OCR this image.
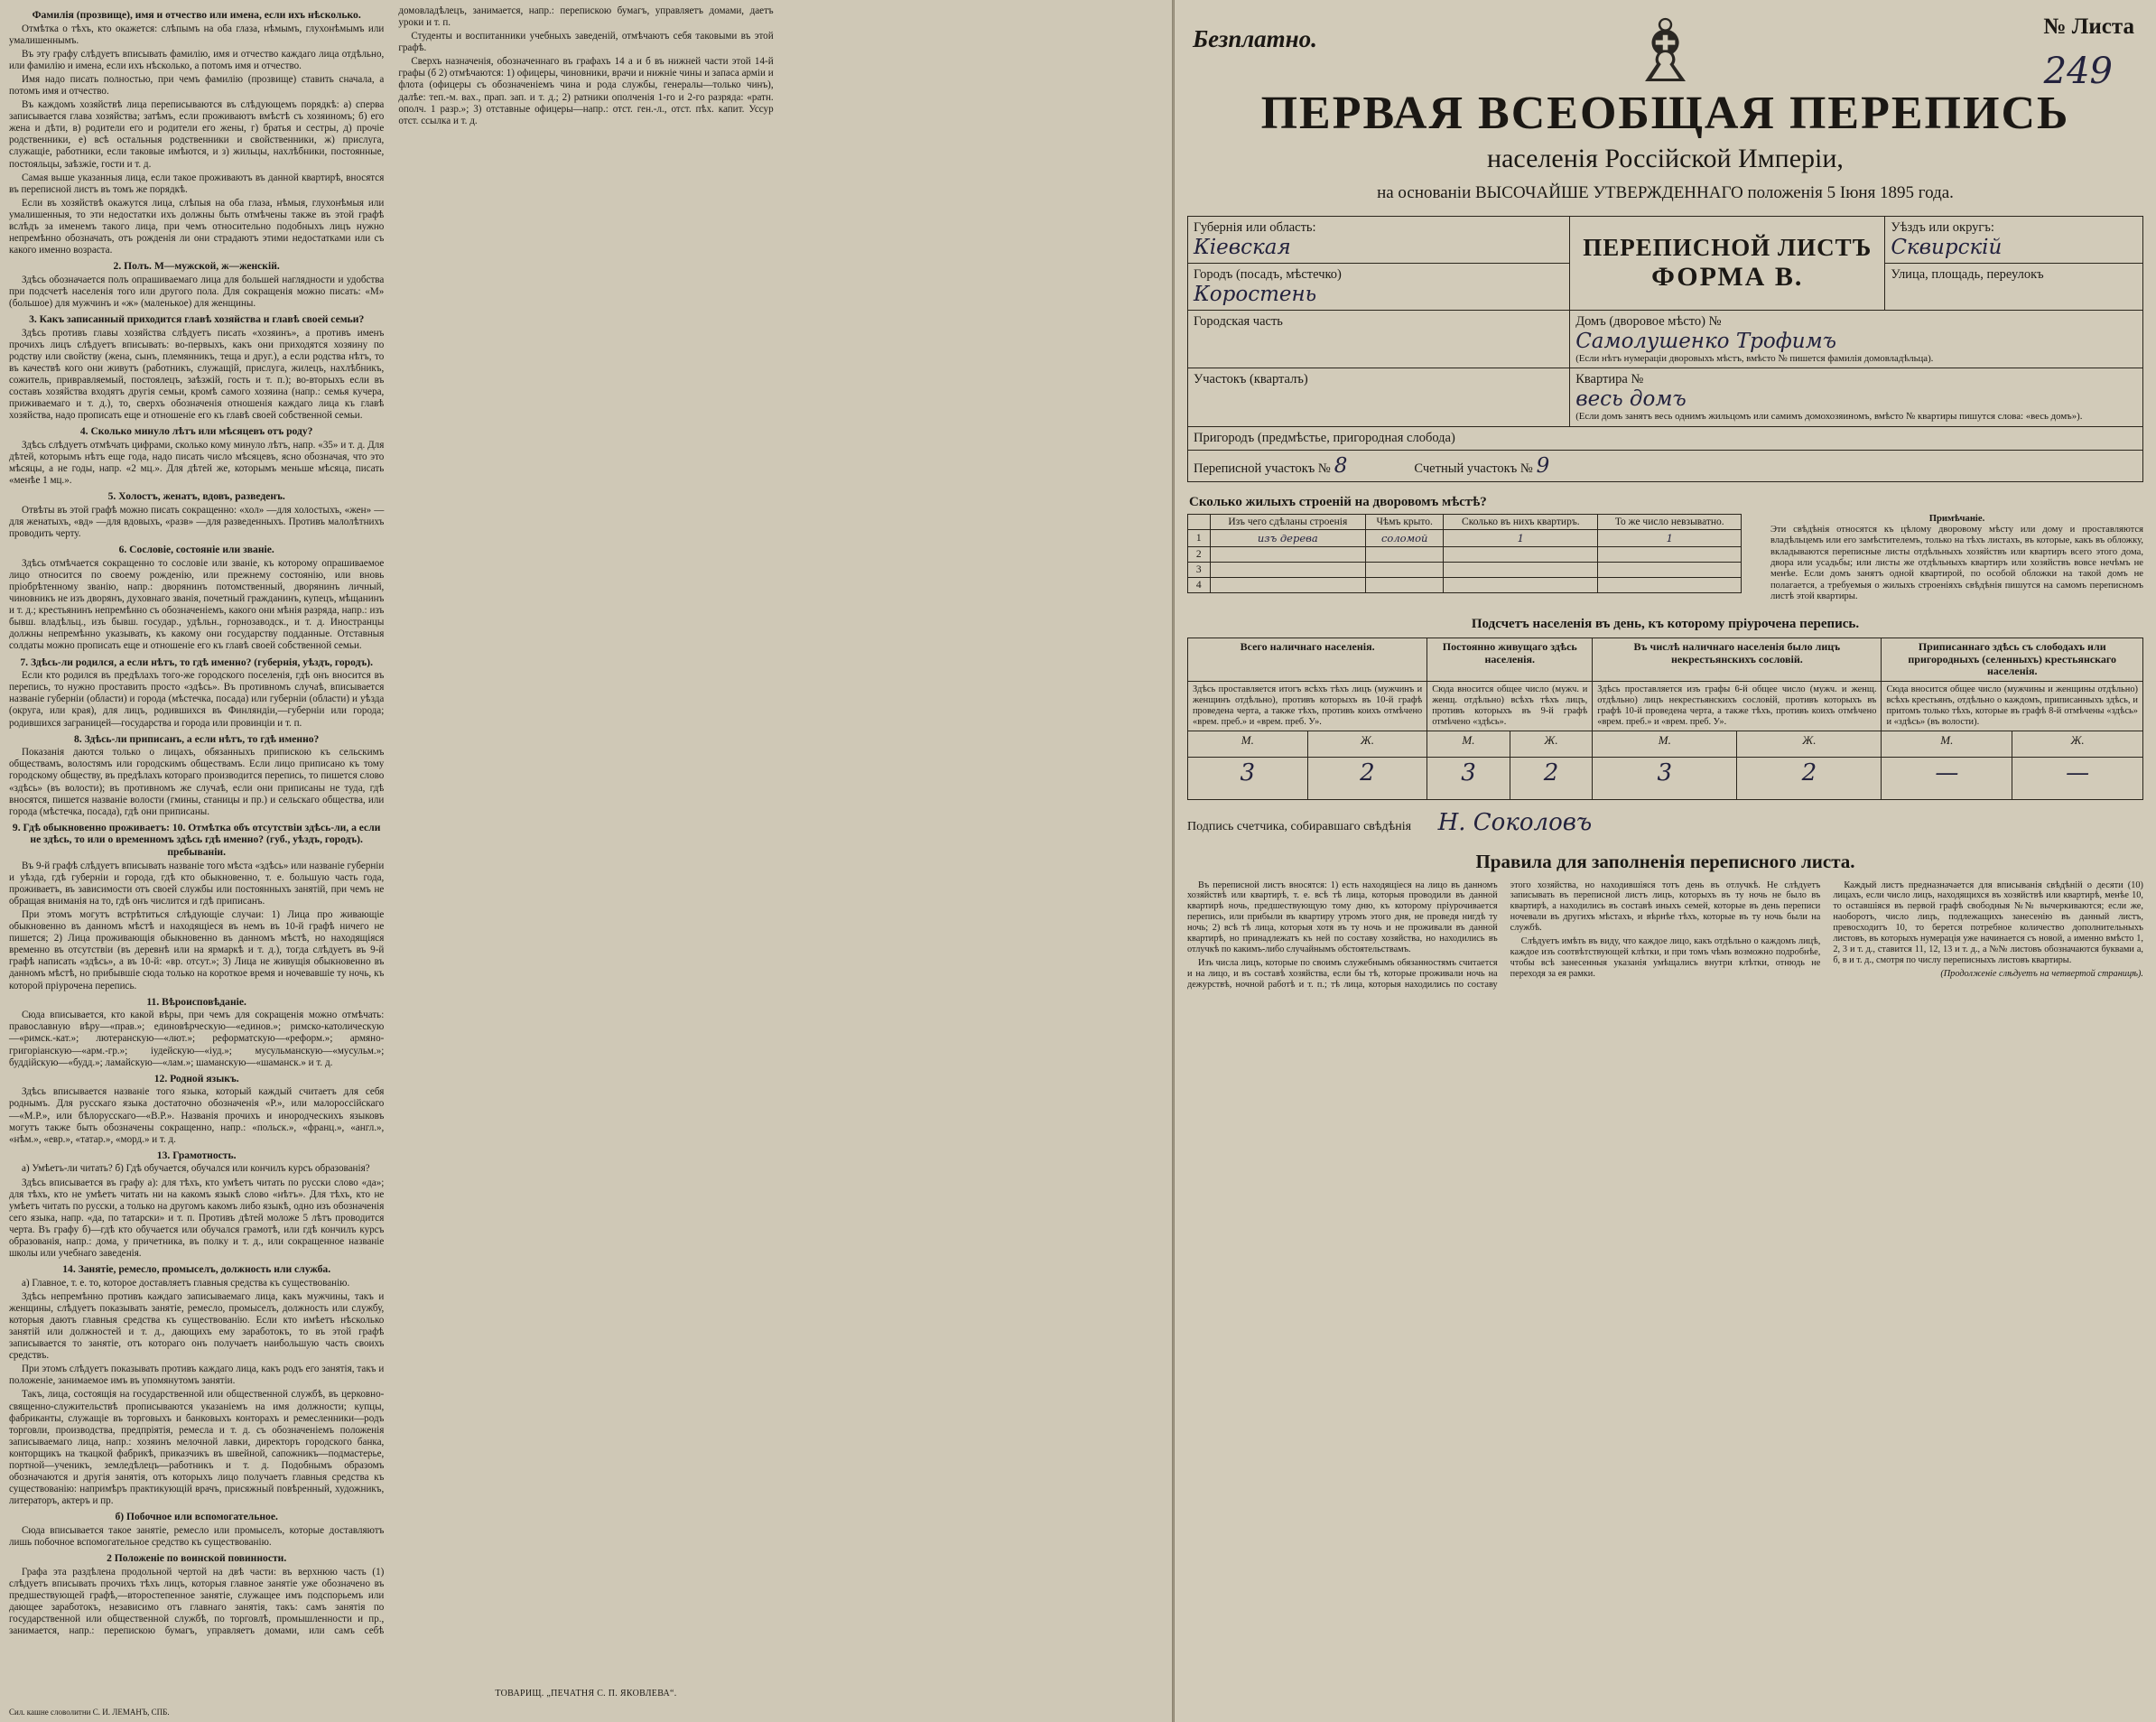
Фамилія (прозвище), имя и отчество или имена, если ихъ нѣсколько.

Отмѣтка о тѣхъ, кто окажется: слѣпымъ на оба глаза, нѣмымъ, глухонѣмымъ или умалишеннымъ.

Въ эту графу слѣдуетъ вписывать фамилію, имя и отчество каждаго лица отдѣльно, или фамилію и имена, если ихъ нѣсколько, а потомъ имя и отчество.

Имя надо писать полностью, при чемъ фамилію (прозвище) ставить сначала, а потомъ имя и отчество.

Въ каждомъ хозяйствѣ лица переписываются въ слѣдующемъ порядкѣ: а) сперва записывается глава хозяйства; затѣмъ, если проживаютъ вмѣстѣ съ хозяиномъ; б) его жена и дѣти, в) родители его и родители его жены, г) братья и сестры, д) прочіе родственники, е) всѣ остальныя родственники и свойственники, ж) прислуга, служащіе, работники, если таковые имѣются, и з) жильцы, нахлѣбники, постоянные, постояльцы, заѣзжіе, гости и т. д.

Самая выше указанныя лица, если такое проживаютъ въ данной квартирѣ, вносятся въ переписной листъ въ томъ же порядкѣ.

Если въ хозяйствѣ окажутся лица, слѣпыя на оба глаза, нѣмыя, глухонѣмыя или умалишенныя, то эти недостатки ихъ должны быть отмѣчены также въ этой графѣ вслѣдъ за именемъ такого лица, при чемъ относительно подобныхъ лицъ нужно непремѣнно обозначать, отъ рожденія ли они страдаютъ этими недостатками или съ какого именно возраста.

2. Полъ. М—мужской, ж—женскій.

Здѣсь обозначается полъ опрашиваемаго лица для большей наглядности и удобства при подсчетѣ населенія того или другого пола. Для сокращенія можно писать: «М» (большое) для мужчинъ и «ж» (маленькое) для женщины.

3. Какъ записанный приходится главѣ хозяйства и главѣ своей семьи?

Здѣсь противъ главы хозяйства слѣдуетъ писать «хозяинъ», а противъ именъ прочихъ лицъ слѣдуетъ вписывать: во-первыхъ, какъ они приходятся хозяину по родству или свойству (жена, сынъ, племянникъ, теща и друг.), а если родства нѣтъ, то въ качествѣ кого они живутъ (работникъ, служащій, прислуга, жилецъ, нахлѣбникъ, сожитель, привравляемый, постоялецъ, заѣзжій, гость и т. п.); во-вторыхъ если въ составъ хозяйства входятъ другія семьи, кромѣ самого хозяина (напр.: семья кучера, приживаемаго и т. д.), то, сверхъ обозначенія отношенія каждаго лица къ главѣ хозяйства, надо прописать еще и отношеніе его къ главѣ своей собственной семьи.

4. Сколько минуло лѣтъ или мѣсяцевъ отъ роду?

Здѣсь слѣдуетъ отмѣчать цифрами, сколько кому минуло лѣтъ, напр. «35» и т. д. Для дѣтей, которымъ нѣтъ еще года, надо писать число мѣсяцевъ, ясно обозначая, что это мѣсяцы, а не годы, напр. «2 мц.». Для дѣтей же, которымъ меньше мѣсяца, писать «менѣе 1 мц.».

5. Холостъ, женатъ, вдовъ, разведенъ.

Отвѣты въ этой графѣ можно писать сокращенно: «хол» —для холостыхъ, «жен» —для женатыхъ, «вд» —для вдовыхъ, «разв» —для разведенныхъ. Противъ малолѣтнихъ проводить черту.

6. Сословіе, состояніе или званіе.

Здѣсь отмѣчается сокращенно то сословіе или званіе, къ которому опрашиваемое лицо относится по своему рожденію, или прежнему состоянію, или вновь пріобрѣтенному званію, напр.: дворянинъ потомственный, дворянинъ личный, чиновникъ не изъ дворянъ, духовнаго званія, почетный гражданинъ, купецъ, мѣщанинъ и т. д.; крестьянинъ непремѣнно съ обозначеніемъ, какого они мѣнія разряда, напр.: изъ бывш. владѣльц., изъ бывш. государ., удѣльн., горнозаводск., и т. д. Иностранцы должны непремѣнно указывать, къ какому они государству подданные. Отставныя солдаты можно прописать еще и отношеніе его къ главѣ своей собственной семьи.

7. Здѣсь-ли родился, а если нѣтъ, то гдѣ именно? (губернія, уѣздъ, городъ).

Если кто родился въ предѣлахъ того-же городского поселенія, гдѣ онъ вносится въ перепись, то нужно проставить просто «здѣсь». Въ противномъ случаѣ, вписывается названіе губерніи (области) и города (мѣстечка, посада) или губерніи (области) и уѣзда (округа, или края), для лицъ, родившихся въ Финляндіи,—губерніи или города; родившихся заграницей—государства и города или провинціи и т. п.

8. Здѣсь-ли приписанъ, а если нѣтъ, то гдѣ именно?

Показанія даются только о лицахъ, обязанныхъ припискою къ сельскимъ обществамъ, волостямъ или городскимъ обществамъ. Если лицо приписано къ тому городскому обществу, въ предѣлахъ котораго производится перепись, то пишется слово «здѣсь» (въ волости); въ противномъ же случаѣ, если они приписаны не туда, гдѣ вносятся, пишется названіе волости (гмины, станицы и пр.) и сельскаго общества, или города (мѣстечка, посада), гдѣ они приписаны.

9. Гдѣ обыкновенно проживаетъ: 10. Отмѣтка объ отсутствіи здѣсь-ли, а если не здѣсь, то или о временномъ здѣсь гдѣ именно? (губ., уѣздъ, городъ). пребываніи.

Въ 9-й графѣ слѣдуетъ вписывать названіе того мѣста «здѣсь» или названіе губерніи и уѣзда, гдѣ губерніи и города, гдѣ кто обыкновенно, т. е. большую часть года, проживаетъ, въ зависимости отъ своей службы или постоянныхъ занятій, при чемъ не обращая вниманія на то, гдѣ онъ числится и гдѣ приписанъ.

При этомъ могутъ встрѣтиться слѣдующіе случаи: 1) Лица про живающіе обыкновенно въ данномъ мѣстѣ и находящіеся въ немъ въ 10-й графѣ ничего не пишется; 2) Лица проживающія обыкновенно въ данномъ мѣстѣ, но находящіяся временно въ отсутствіи (въ деревнѣ или на ярмаркѣ и т. д.), тогда слѣдуетъ въ 9-й графѣ написать «здѣсь», а въ 10-й: «вр. отсут.»; 3) Лица не живущія обыкновенно въ данномъ мѣстѣ, но прибывшіе сюда только на короткое время и ночевавшіе ту ночь, къ которой пріурочена перепись.

11. Вѣроисповѣданіе.

Сюда вписывается, кто какой вѣры, при чемъ для сокращенія можно отмѣчать: православную вѣру—«прав.»; единовѣрческую—«единов.»; римско-католическую—«римск.-кат.»; лютеранскую—«лют.»; реформатскую—«реформ.»; армяно-григоріанскую—«арм.-гр.»; іудейскую—«іуд.»; мусульманскую—«мусульм.»; буддійскую—«будд.»; ламайскую—«лам.»; шаманскую—«шаманск.» и т. д.

12. Родной языкъ.

Здѣсь вписывается названіе того языка, который каждый считаетъ для себя роднымъ. Для русскаго языка достаточно обозначенія «Р.», или малороссійскаго—«М.Р.», или бѣлорусскаго—«В.Р.». Названія прочихъ и инородческихъ языковъ могутъ также быть обозначены сокращенно, напр.: «польск.», «франц.», «англ.», «нѣм.», «евр.», «татар.», «морд.» и т. д.

13. Грамотность.

а) Умѣетъ-ли читать? б) Гдѣ обучается, обучался или кончилъ курсъ образованія?

Здѣсь вписывается въ графу а): для тѣхъ, кто умѣетъ читать по русски слово «да»; для тѣхъ, кто не умѣетъ читать ни на какомъ языкѣ слово «нѣтъ». Для тѣхъ, кто не умѣетъ читать по русски, а только на другомъ какомъ либо языкѣ, одно изъ обозначенія сего языка, напр. «да, по татарски» и т. п. Противъ дѣтей моложе 5 лѣтъ проводится черта. Въ графу б)—гдѣ кто обучается или обучался грамотѣ, или гдѣ кончилъ курсъ образованія, напр.: дома, у причетника, въ полку и т. д., или сокращенное названіе школы или учебнаго заведенія.

14. Занятіе, ремесло, промыселъ, должность или служба.

а) Главное, т. е. то, которое доставляетъ главныя средства къ существованію.

Здѣсь непремѣнно противъ каждаго записываемаго лица, какъ мужчины, такъ и женщины, слѣдуетъ показывать занятіе, ремесло, промыселъ, должность или службу, которыя даютъ главныя средства къ существованію. Если кто имѣетъ нѣсколько занятій или должностей и т. д., дающихъ ему заработокъ, то въ этой графѣ записывается то занятіе, отъ котораго онъ получаетъ наибольшую часть своихъ средствъ.

При этомъ слѣдуетъ показывать противъ каждаго лица, какъ родъ его занятія, такъ и положеніе, занимаемое имъ въ упомянутомъ занятіи.

Такъ, лица, состоящія на государственной или общественной службѣ, въ церковно-священно-служительствѣ прописываются указаніемъ на имя должности; купцы, фабриканты, служащіе въ торговыхъ и банковыхъ конторахъ и ремесленники—родъ торговли, производства, предпріятія, ремесла и т. д. съ обозначеніемъ положенія записываемаго лица, напр.: хозяинъ мелочной лавки, директоръ городского банка, конторщикъ на ткацкой фабрикѣ, приказчикъ въ швейной, сапожникъ—подмастерье, портной—ученикъ, земледѣлецъ—работникъ и т. д. Подобнымъ образомъ обозначаются и другія занятія, отъ которыхъ лицо получаетъ главныя средства къ существованію: напримѣръ практикующій врачъ, присяжный повѣренный, художникъ, литераторъ, актеръ и пр.

б) Побочное или вспомогательное.

Сюда вписывается такое занятіе, ремесло или промыселъ, которые доставляютъ лишь побочное вспомогательное средство къ существованію.

2 Положеніе по воинской повинности.

Графа эта раздѣлена продольной чертой на двѣ части: въ верхнюю часть (1) слѣдуетъ вписывать прочихъ тѣхъ лицъ, которыя главное занятіе уже обозначено въ предшествующей графѣ,—второстепенное занятіе, служащее имъ подспорьемъ или дающее заработокъ, независимо отъ главнаго занятія, такъ: самъ занятія по государственной или общественной службѣ, по торговлѣ, промышленности и пр., занимается, напр.: перепискою бумагъ, управляетъ домами, или самъ себѣ домовладѣлецъ, занимается, напр.: перепискою бумагъ, управляетъ домами, даетъ уроки и т. п.

Студенты и воспитанники учебныхъ заведеній, отмѣчаютъ себя таковыми въ этой графѣ.

Сверхъ назначенія, обозначеннаго въ графахъ 14 а и б въ нижней части этой 14-й графы (б 2) отмѣчаются: 1) офицеры, чиновники, врачи и нижніе чины и запаса арміи и флота (офицеры съ обозначеніемъ чина и рода службы, генералы—только чинъ), далѣе: теп.-м. вах., прап. зап. и т. д.; 2) ратники ополченія 1-го и 2-го разряда: «ратн. ополч. 1 разр.»; 3) отставные офицеры—напр.: отст. ген.-л., отст. пѣх. капит. Уссур отст. ссылка и т. д.

ТОВАРИЩ. „ПЕЧАТНЯ С. П. ЯКОВЛЕВА“.
Сил. кашне словолитни С. И. ЛЕМАНЪ, СПБ.
Безплатно.	♗	№ Листа
249
ПЕРВАЯ ВСЕОБЩАЯ ПЕРЕПИСЬ
населенія Россійской Имперіи,
на основаніи ВЫСОЧАЙШЕ УТВЕРЖДЕННАГО положенія 5 Іюня 1895 года.
Губернія или область:
Кіевская	ПЕРЕПИСНОЙ ЛИСТЪ
ФОРМА В.

Уѣздъ или округъ:
Сквирскій

Городъ (посадъ, мѣстечко)
Коростень		Улица, площадь, переулокъ

Городская часть	Домъ (дворовое мѣсто) №
Самолушенко Трофимъ
(Если нѣтъ нумераціи дворовыхъ мѣстъ, вмѣсто № пишется фамилія домовладѣльца).	

Участокъ (кварталъ)	Квартира №
весь домъ
(Если домъ занятъ весь однимъ жильцомъ или самимъ домохозяиномъ, вмѣсто № квартиры пишутся слова: «весь домъ»).	

Пригородъ (предмѣстье, пригородная слобода)		

Переписной участокъ № 8 Счетный участокъ № 9		
Сколько жилыхъ строеній на дворовомъ мѣстѣ?
	Изъ чего сдѣланы строенія	Чѣмъ крыто.	Сколько въ нихъ квартиръ.	То же число невзыватно.
1	изъ дерева	соломой	1	1
2				
3				
4				
Примѣчаніе.
Эти свѣдѣнія относятся къ цѣлому дворовому мѣсту или дому и проставляются владѣльцемъ или его замѣстителемъ, только на тѣхъ листахъ, въ которые, какъ въ обложку, вкладываются переписные листы отдѣльныхъ хозяйствъ или квартиръ всего этого дома, двора или усадьбы; или листы же отдѣльныхъ квартиръ или хозяйствъ вовсе нечѣмъ не менѣе. Если домъ занятъ одной квартирой, по особой обложки на такой домъ не полагается, а требуемыя о жилыхъ строеніяхъ свѣдѣнія пишутся на самомъ переписномъ листѣ этой квартиры.
Подсчетъ населенія въ день, къ которому пріурочена перепись.
Всего наличнаго населенія.		Постоянно живущаго здѣсь населенія.		Въ числѣ наличнаго населенія было лицъ некрестьянскихъ сословій.		Приписаннаго здѣсь съ слободахъ или пригородныхъ (селенныхъ) крестьянскаго населенія.	
Здѣсь проставляется итогъ всѣхъ тѣхъ лицъ (мужчинъ и женщинъ отдѣльно), противъ которыхъ въ 10-й графѣ проведена черта, а также тѣхъ, противъ коихъ отмѣчено «врем. преб.» и «врем. преб. У».		Сюда вносится общее число (мужч. и женщ. отдѣльно) всѣхъ тѣхъ лицъ, противъ которыхъ въ 9-й графѣ отмѣчено «здѣсь».		Здѣсь проставляется изъ графы 6-й общее число (мужч. и женщ. отдѣльно) лицъ некрестьянскихъ сословій, противъ которыхъ въ графѣ 10-й проведена черта, а также тѣхъ, противъ коихъ отмѣчено «врем. преб.» и «врем. преб. У».		Сюда вносится общее число (мужчины и женщины отдѣльно) всѣхъ крестьянъ, отдѣльно о каждомъ, приписанныхъ здѣсь, и притомъ только тѣхъ, которые въ графѣ 8-й отмѣчены «здѣсь» и «здѣсь» (въ волости).	
М.	Ж.	М.	Ж.	М.	Ж.	М.	Ж.
3	2	3	2	3	2	—	—
Подпись счетчика, собиравшаго свѣдѣнія Н. Соколовъ
Правила для заполненія переписного листа.

Въ переписной листъ вносятся: 1) есть находящіеся на лицо въ данномъ хозяйствѣ или квартирѣ, т. е. всѣ тѣ лица, которыя проводили въ данной квартирѣ ночь, предшествующую тому дню, къ которому пріурочивается перепись, или прибыли въ квартиру утромъ этого дня, не проведя нигдѣ ту ночь; 2) всѣ тѣ лица, которыя хотя въ ту ночь и не проживали въ данной квартирѣ, но принадлежатъ къ ней по составу хозяйства, но находились въ отлучкѣ по какимъ-либо случайнымъ обстоятельствамъ.

Изъ числа лицъ, которые по своимъ служебнымъ обязанностямъ считается и на лицо, и въ составѣ хозяйства, если бы тѣ, которые проживали ночь на дежурствѣ, ночной работѣ и т. п.; тѣ лица, которыя находились по составу этого хозяйства, но находившіяся тотъ день въ отлучкѣ. Не слѣдуетъ записывать въ переписной листъ лицъ, которыхъ въ ту ночь не было въ квартирѣ, а находились въ составѣ иныхъ семей, которые въ день переписи ночевали въ другихъ мѣстахъ, и вѣрнѣе тѣхъ, которые въ ту ночь были на службѣ.

Слѣдуетъ имѣть въ виду, что каждое лицо, какъ отдѣльно о каждомъ лицѣ, каждое изъ соотвѣтствующей клѣтки, и при томъ чѣмъ возможно подробнѣе, чтобы всѣ занесенныя указанія умѣщались внутри клѣтки, отнюдь не переходя за ея рамки.

Каждый листъ предназначается для вписыванія свѣдѣній о десяти (10) лицахъ, если число лицъ, находящихся въ хозяйствѣ или квартирѣ, менѣе 10, то оставшіяся въ первой графѣ свободныя №№ вычеркиваются; если же, наоборотъ, число лицъ, подлежащихъ занесенію въ данный листъ, превосходитъ 10, то берется потребное количество дополнительныхъ листовъ, въ которыхъ нумерація уже начинается съ новой, а именно вмѣсто 1, 2, 3 и т. д., ставится 11, 12, 13 и т. д., а №№ листовъ обозначаются буквами а, б, в и т. д., смотря по числу переписныхъ листовъ квартиры.

(Продолженіе слѣдуетъ на четвертой страницѣ).
